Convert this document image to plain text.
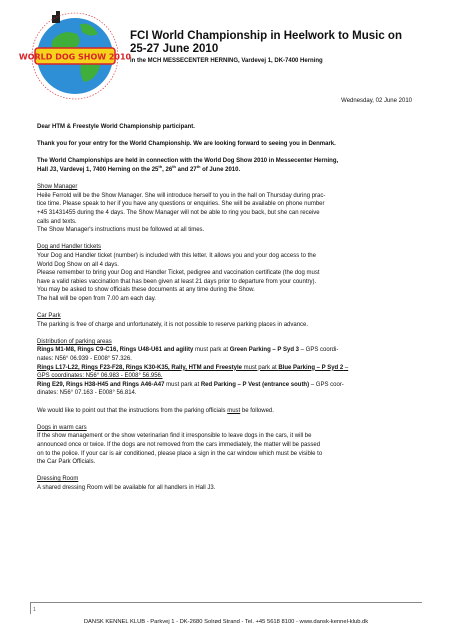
WORLD DOG SHOW 2010
FCI World Championship in Heelwork to Music on
25-27 June 2010
in the MCH MESSECENTER HERNING, Vardevej 1, DK-7400 Herning
Wednesday, 02 June 2010

Dear HTM & Freestyle World Championship participant.

Thank you for your entry for the World Championship. We are looking forward to seeing you in Denmark.

The World Championships are held in connection with the World Dog Show 2010 in Messecenter Herning,
Hall J3, Vardevej 1, 7400 Herning on the 25th, 26th and 27th of June 2010.

Show Manager
Heile Ferrold will be the Show Manager. She will introduce herself to you in the hall on Thursday during prac-
tice time. Please speak to her if you have any questions or enquiries. She will be available on phone number
+45 31431455 during the 4 days. The Show Manager will not be able to ring you back, but she can receive
calls and texts.
The Show Manager's instructions must be followed at all times.

Dog and Handler tickets
Your Dog and Handler ticket (number) is included with this letter. It allows you and your dog access to the
World Dog Show on all 4 days.
Please remember to bring your Dog and Handler Ticket, pedigree and vaccination certificate (the dog must
have a valid rabies vaccination that has been given at least 21 days prior to departure from your country).
You may be asked to show officials these documents at any time during the Show.
The hall will be open from 7.00 am each day.

Car Park
The parking is free of charge and unfortunately, it is not possible to reserve parking places in advance.

Distribution of parking areas
Rings M1-M8, Rings C9-C16, Rings U48-U61 and agility must park at Green Parking – P Syd 3 – GPS coordi-
nates: N56° 06.939 - E008° 57.326.
Rings L17-L22, Rings F23-F28, Rings K30-K35, Rally, HTM and Freestyle must park at Blue Parking – P Syd 2 –
GPS coordinates: N56° 06.983 - E008° 56.956.
Ring E29, Rings H38-H45 and Rings A46-A47 must park at Red Parking – P Vest (entrance south) – GPS coor-
dinates: N56° 07.163 - E008° 56.814.

We would like to point out that the instructions from the parking officials must be followed.

Dogs in warm cars
If the show management or the show veterinarian find it irresponsible to leave dogs in the cars, it will be
announced once or twice. If the dogs are not removed from the cars immediately, the matter will be passed
on to the police. If your car is air conditioned, please place a sign in the car window which must be visible to
the Car Park Officials.

Dressing Room
A shared dressing Room will be available for all handlers in Hall J3.

1
DANSK KENNEL KLUB - Parkvej 1 - DK-2680 Solrød Strand - Tel. +45 5618 8100 - www.dansk-kennel-klub.dk
